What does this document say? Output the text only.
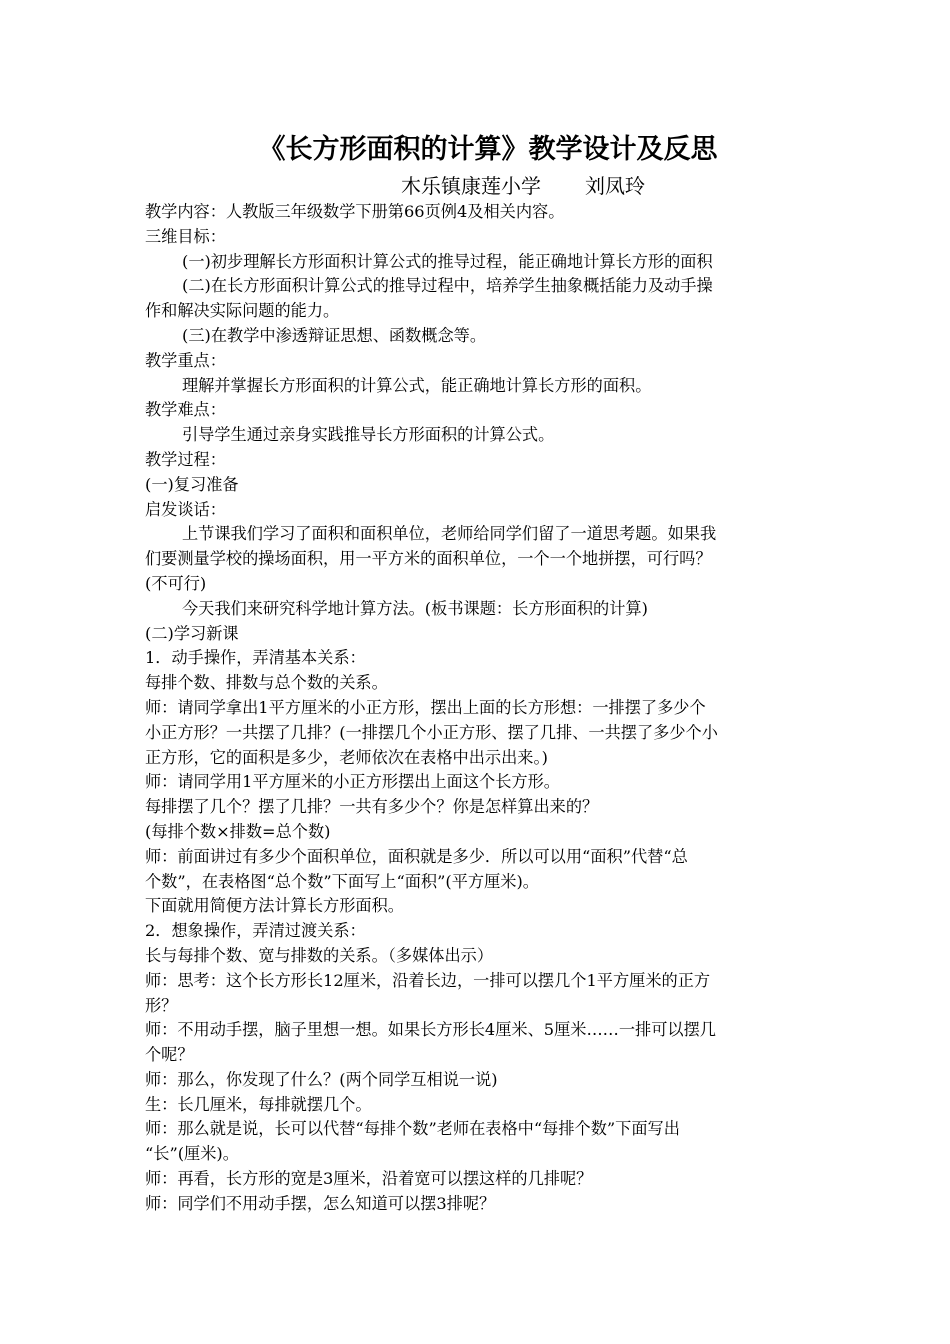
《长方形面积的计算》教学设计及反思
木乐镇康莲小学 刘凤玲
教学内容：人教版三年级数学下册第66页例4及相关内容。
三维目标：
(一)初步理解长方形面积计算公式的推导过程，能正确地计算长方形的面积
(二)在长方形面积计算公式的推导过程中，培养学生抽象概括能力及动手操
作和解决实际问题的能力。
(三)在教学中渗透辩证思想、函数概念等。
教学重点：
理解并掌握长方形面积的计算公式，能正确地计算长方形的面积。
教学难点：
引导学生通过亲身实践推导长方形面积的计算公式。
教学过程：
(一)复习准备
启发谈话：
上节课我们学习了面积和面积单位，老师给同学们留了一道思考题。如果我
们要测量学校的操场面积，用一平方米的面积单位，一个一个地拼摆，可行吗？
(不可行)
今天我们来研究科学地计算方法。(板书课题：长方形面积的计算)
(二)学习新课
1．动手操作，弄清基本关系：
每排个数、排数与总个数的关系。
师：请同学拿出1平方厘米的小正方形，摆出上面的长方形想：一排摆了多少个
小正方形？一共摆了几排？(一排摆几个小正方形、摆了几排、一共摆了多少个小
正方形，它的面积是多少，老师依次在表格中出示出来。)
师：请同学用1平方厘米的小正方形摆出上面这个长方形。
每排摆了几个？摆了几排？一共有多少个？你是怎样算出来的？
(每排个数×排数=总个数)
师：前面讲过有多少个面积单位，面积就是多少．所以可以用“面积”代替“总
个数”，在表格图“总个数”下面写上“面积”(平方厘米)。
下面就用简便方法计算长方形面积。
2．想象操作，弄清过渡关系：
长与每排个数、宽与排数的关系。（多媒体出示）
师：思考：这个长方形长12厘米，沿着长边，一排可以摆几个1平方厘米的正方
形？
师：不用动手摆，脑子里想一想。如果长方形长4厘米、5厘米……一排可以摆几
个呢？
师：那么，你发现了什么？(两个同学互相说一说)
生：长几厘米，每排就摆几个。
师：那么就是说，长可以代替“每排个数”老师在表格中“每排个数”下面写出
“长”(厘米)。
师：再看，长方形的宽是3厘米，沿着宽可以摆这样的几排呢？
师：同学们不用动手摆，怎么知道可以摆3排呢？
